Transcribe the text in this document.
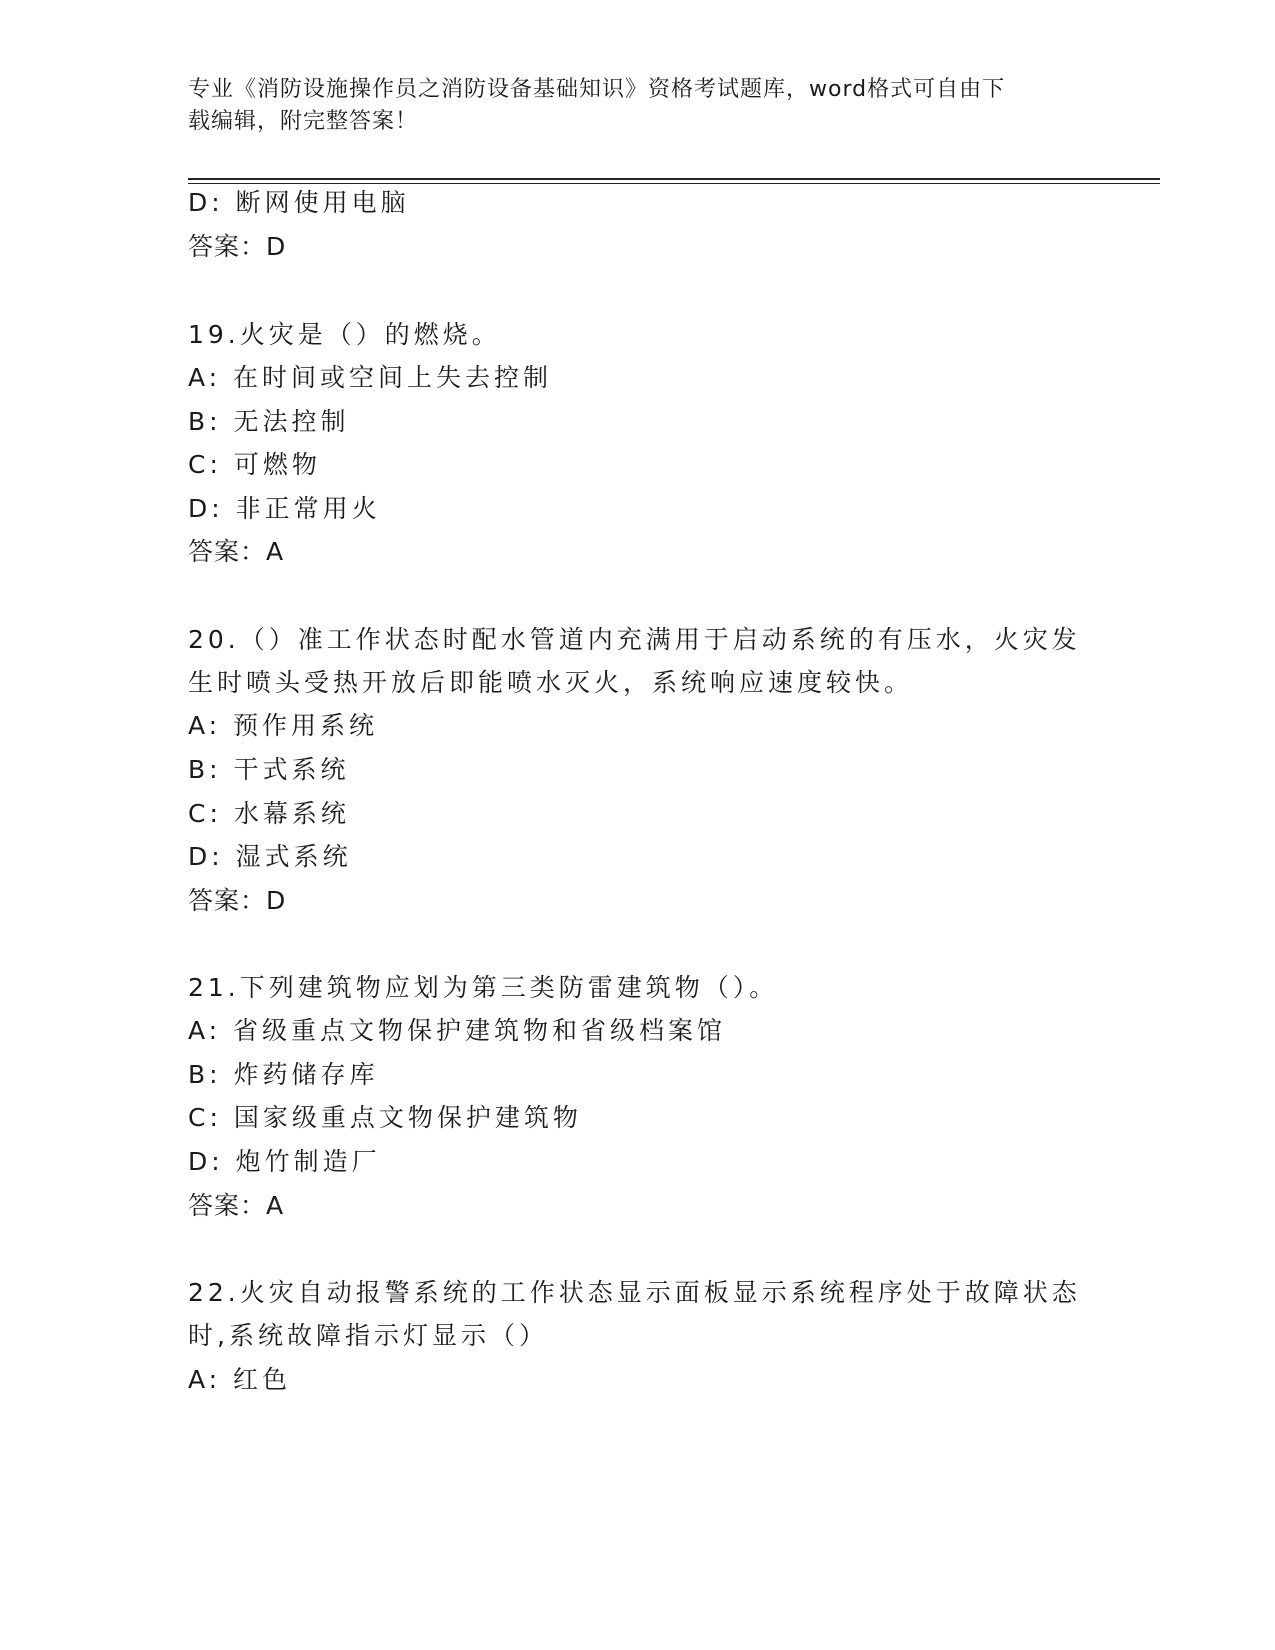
专业《消防设施操作员之消防设备基础知识》资格考试题库，word格式可自由下
载编辑，附完整答案！
D: 断网使用电脑
答案：D
19.火灾是（）的燃烧。
A: 在时间或空间上失去控制
B: 无法控制
C: 可燃物
D: 非正常用火
答案：A
20.（）准工作状态时配水管道内充满用于启动系统的有压水，火灾发
生时喷头受热开放后即能喷水灭火，系统响应速度较快。
A: 预作用系统
B: 干式系统
C: 水幕系统
D: 湿式系统
答案：D
21.下列建筑物应划为第三类防雷建筑物（）。
A: 省级重点文物保护建筑物和省级档案馆
B: 炸药储存库
C: 国家级重点文物保护建筑物
D: 炮竹制造厂
答案：A
22.火灾自动报警系统的工作状态显示面板显示系统程序处于故障状态
时,系统故障指示灯显示（）
A: 红色
